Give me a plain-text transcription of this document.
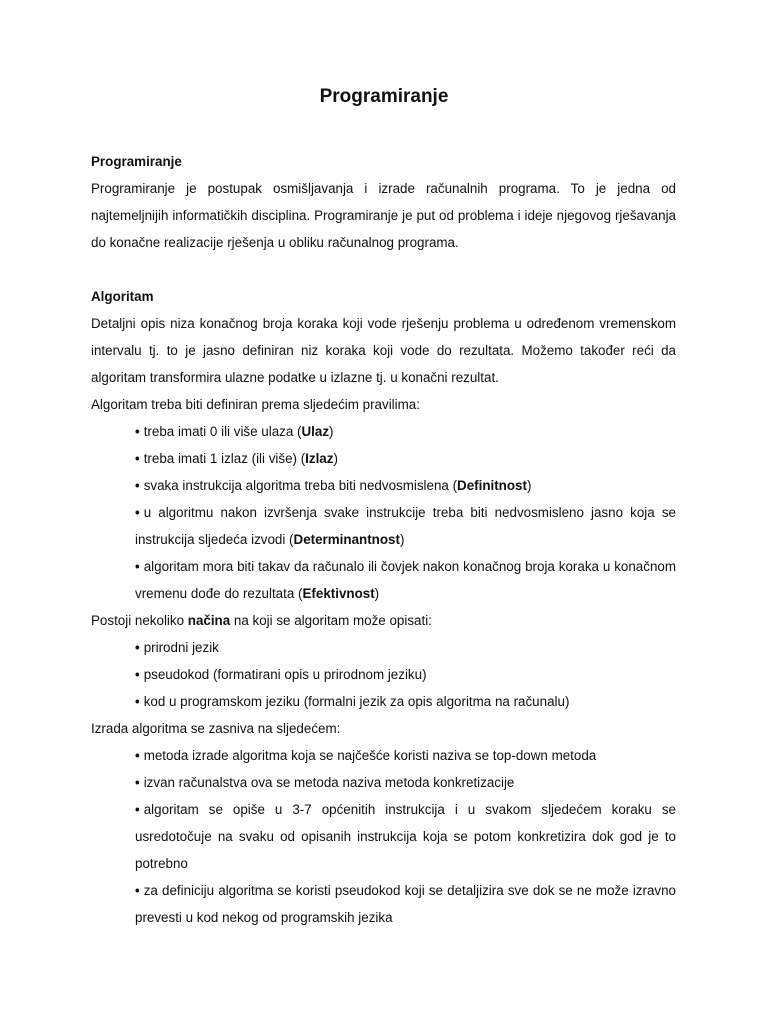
Programiranje

Programiranje

Programiranje je postupak osmišljavanja i izrade računalnih programa. To je jedna od najtemeljnijih informatičkih disciplina. Programiranje je put od problema i ideje njegovog rješavanja do konačne realizacije rješenja u obliku računalnog programa.

Algoritam

Detaljni opis niza konačnog broja koraka koji vode rješenju problema u određenom vremenskom intervalu tj. to je jasno definiran niz koraka koji vode do rezultata. Možemo također reći da algoritam transformira ulazne podatke u izlazne tj. u konačni rezultat.

Algoritam treba biti definiran prema sljedećim pravilima:

• treba imati 0 ili više ulaza (Ulaz)
• treba imati 1 izlaz (ili više) (Izlaz)
• svaka instrukcija algoritma treba biti nedvosmislena (Definitnost)
• u algoritmu nakon izvršenja svake instrukcije treba biti nedvosmisleno jasno koja se instrukcija sljedeća izvodi (Determinantnost)
• algoritam mora biti takav da računalo ili čovjek nakon konačnog broja koraka u konačnom vremenu dođe do rezultata (Efektivnost)

Postoji nekoliko načina na koji se algoritam može opisati:

• prirodni jezik
• pseudokod (formatirani opis u prirodnom jeziku)
• kod u programskom jeziku (formalni jezik za opis algoritma na računalu)

Izrada algoritma se zasniva na sljedećem:

• metoda izrade algoritma koja se najčešće koristi naziva se top-down metoda
• izvan računalstva ova se metoda naziva metoda konkretizacije
• algoritam se opiše u 3-7 općenitih instrukcija i u svakom sljedećem koraku se usredotočuje na svaku od opisanih instrukcija koja se potom konkretizira dok god je to potrebno
• za definiciju algoritma se koristi pseudokod koji se detaljizira sve dok se ne može izravno prevesti u kod nekog od programskih jezika
